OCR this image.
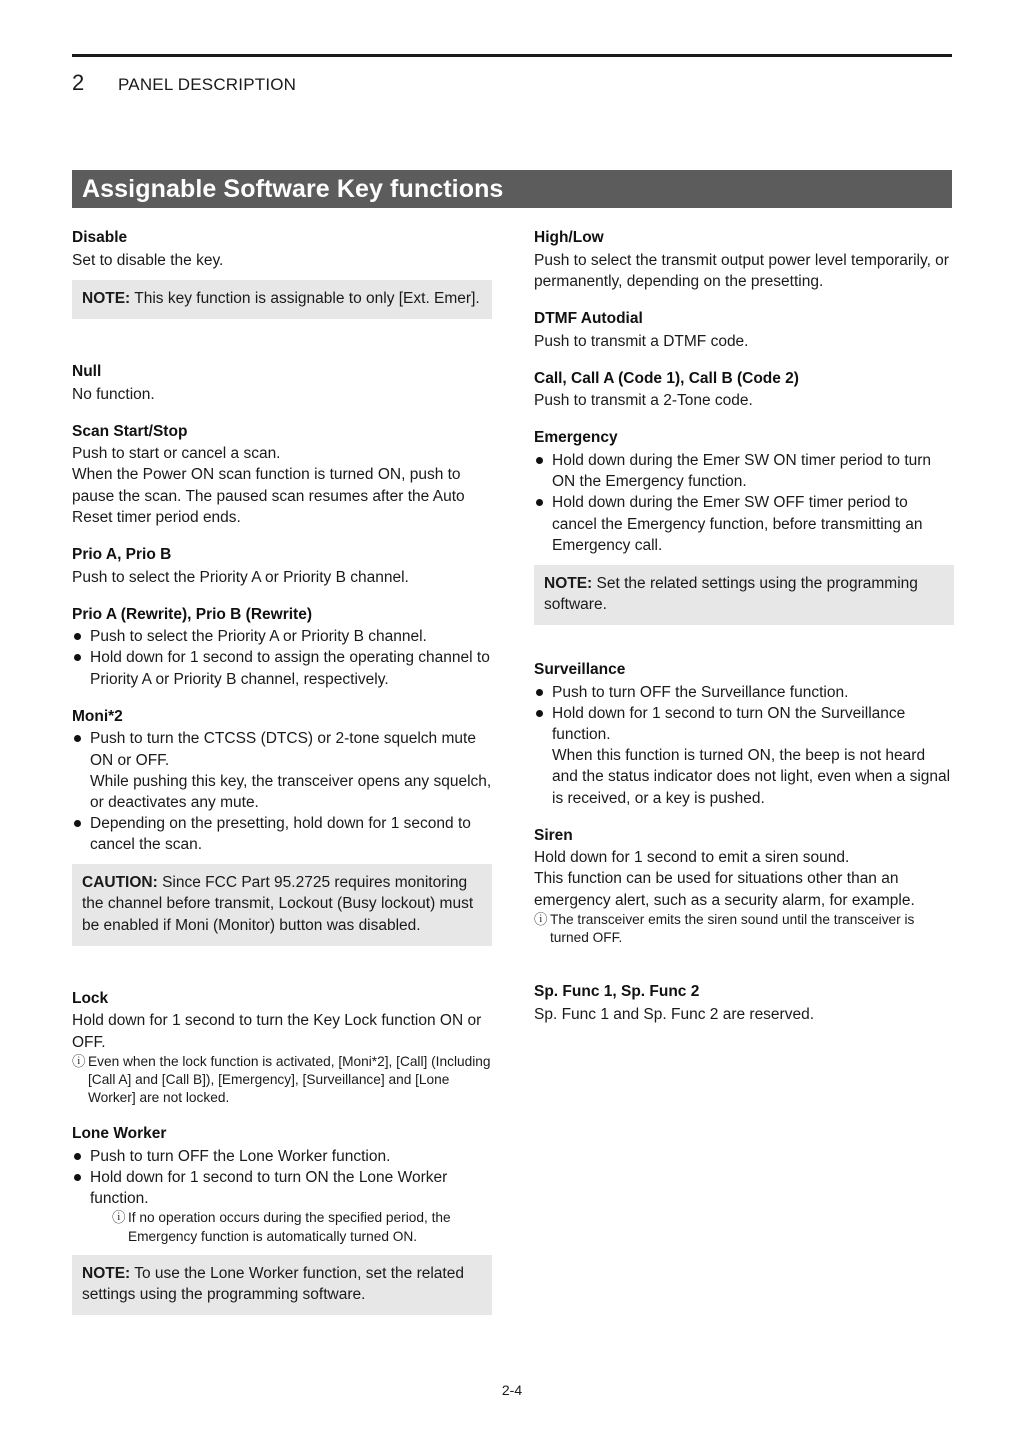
2	PANEL DESCRIPTION
Assignable Software Key functions
Disable

Set to disable the key.

NOTE: This key function is assignable to only [Ext. Emer].
Null

No function.

Scan Start/Stop

Push to start or cancel a scan.

When the Power ON scan function is turned ON, push to pause the scan. The paused scan resumes after the Auto Reset timer period ends.

Prio A, Prio B

Push to select the Priority A or Priority B channel.

Prio A (Rewrite), Prio B (Rewrite)
Push to select the Priority A or Priority B channel.
Hold down for 1 second to assign the operating channel to Priority A or Priority B channel, respectively.
Moni*2
Push to turn the CTCSS (DTCS) or 2-tone squelch mute ON or OFF.
While pushing this key, the transceiver opens any squelch, or deactivates any mute.
Depending on the presetting, hold down for 1 second to cancel the scan.
CAUTION: Since FCC Part 95.2725 requires monitoring the channel before transmit, Lockout (Busy lockout) must be enabled if Moni (Monitor) button was disabled.
Lock

Hold down for 1 second to turn the Key Lock function ON or OFF.

ⓘ Even when the lock function is activated, [Moni*2], [Call] (Including [Call A] and [Call B]), [Emergency], [Surveillance] and [Lone Worker] are not locked.
Lone Worker
Push to turn OFF the Lone Worker function.
Hold down for 1 second to turn ON the Lone Worker function.
ⓘ If no operation occurs during the specified period, the Emergency function is automatically turned ON.
NOTE: To use the Lone Worker function, set the related settings using the programming software.
High/Low

Push to select the transmit output power level temporarily, or permanently, depending on the presetting.

DTMF Autodial

Push to transmit a DTMF code.

Call, Call A (Code 1), Call B (Code 2)

Push to transmit a 2-Tone code.

Emergency
Hold down during the Emer SW ON timer period to turn ON the Emergency function.
Hold down during the Emer SW OFF timer period to cancel the Emergency function, before transmitting an Emergency call.
NOTE: Set the related settings using the programming software.
Surveillance
Push to turn OFF the Surveillance function.
Hold down for 1 second to turn ON the Surveillance function.
When this function is turned ON, the beep is not heard and the status indicator does not light, even when a signal is received, or a key is pushed.
Siren

Hold down for 1 second to emit a siren sound.

This function can be used for situations other than an emergency alert, such as a security alarm, for example.

ⓘ The transceiver emits the siren sound until the transceiver is turned OFF.
Sp. Func 1, Sp. Func 2

Sp. Func 1 and Sp. Func 2 are reserved.

2-4
